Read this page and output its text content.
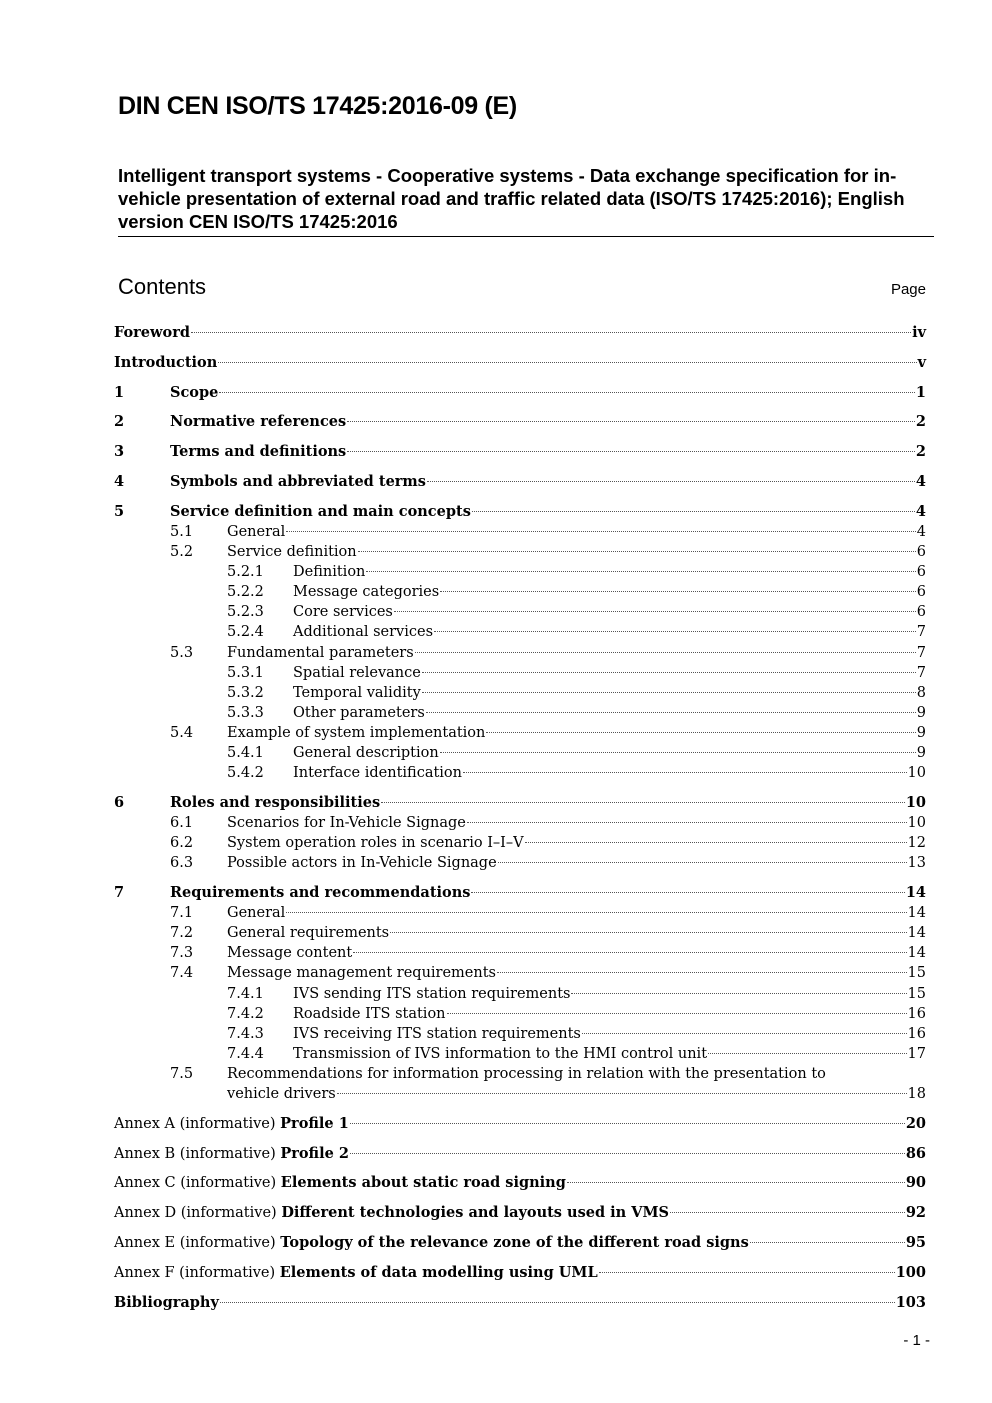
DIN CEN ISO/TS 17425:2016-09 (E)
Intelligent transport systems - Cooperative systems - Data exchange specification for in-vehicle presentation of external road and traffic related data (ISO/TS 17425:2016); English version CEN ISO/TS 17425:2016
Contents	Page
Foreword	iv
Introduction	v
1	Scope	1
2	Normative references	2
3	Terms and definitions	2
4	Symbols and abbreviated terms	4
5	Service definition and main concepts	4
5.1 General	4
5.2 Service definition	6
5.2.1 Definition	6
5.2.2 Message categories	6
5.2.3 Core services	6
5.2.4 Additional services	7
5.3 Fundamental parameters	7
5.3.1 Spatial relevance	7
5.3.2 Temporal validity	8
5.3.3 Other parameters	9
5.4 Example of system implementation	9
5.4.1 General description	9
5.4.2 Interface identification	10
6	Roles and responsibilities	10
6.1 Scenarios for In-Vehicle Signage	10
6.2 System operation roles in scenario I–I–V	12
6.3 Possible actors in In-Vehicle Signage	13
7	Requirements and recommendations	14
7.1 General	14
7.2 General requirements	14
7.3 Message content	14
7.4 Message management requirements	15
7.4.1 IVS sending ITS station requirements	15
7.4.2 Roadside ITS station	16
7.4.3 IVS receiving ITS station requirements	16
7.4.4 Transmission of IVS information to the HMI control unit	17
7.5 Recommendations for information processing in relation with the presentation to
vehicle drivers	18
Annex A (informative) Profile 1	20
Annex B (informative) Profile 2	86
Annex C (informative) Elements about static road signing	90
Annex D (informative) Different technologies and layouts used in VMS	92
Annex E (informative) Topology of the relevance zone of the different road signs	95
Annex F (informative) Elements of data modelling using UML	100
Bibliography	103
- 1 -
